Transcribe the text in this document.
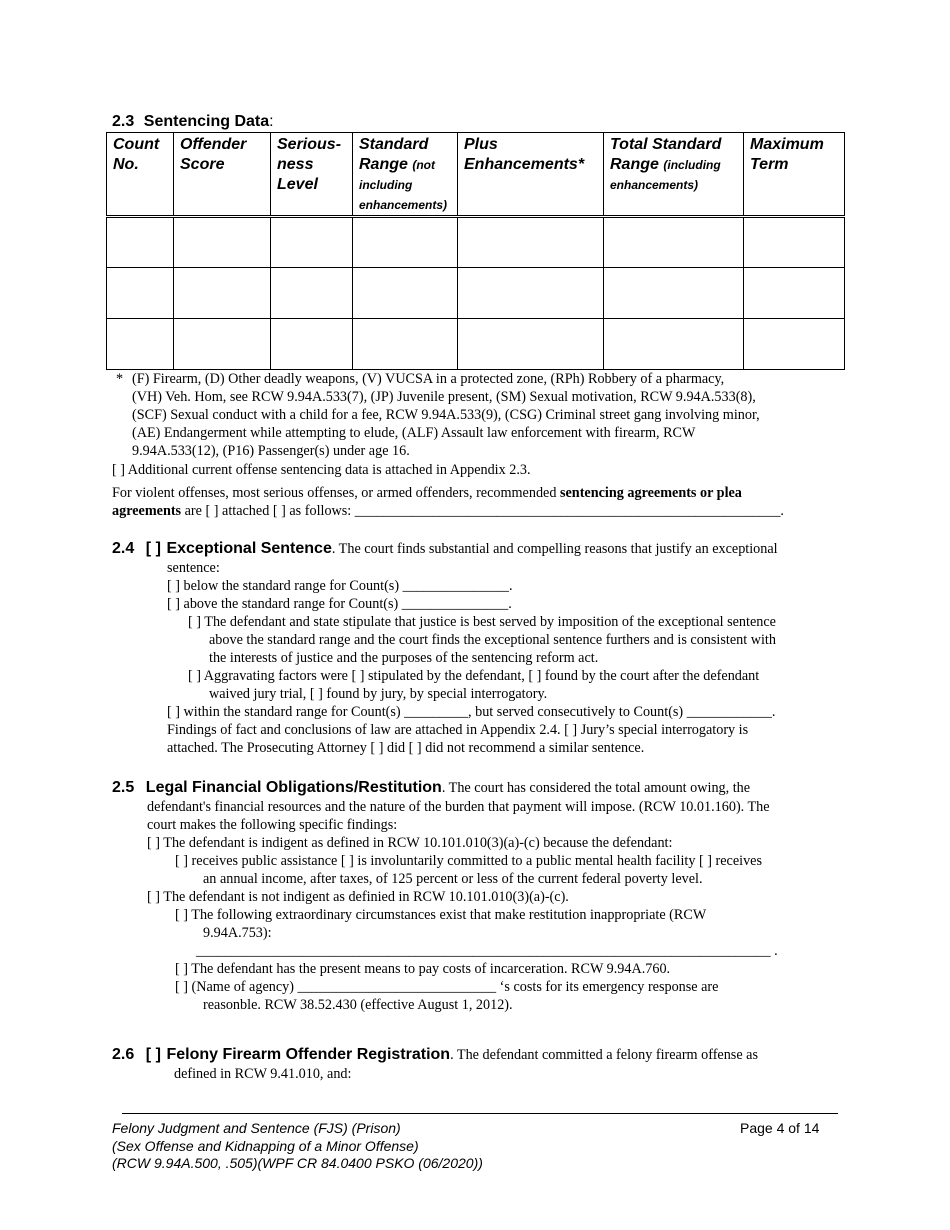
2.3 Sentencing Data:
Count No.	Offender Score	Serious-ness Level	Standard Range (not including enhancements)	Plus Enhancements*	Total Standard Range (including enhancements)	Maximum Term

* (F) Firearm, (D) Other deadly weapons, (V) VUCSA in a protected zone, (RPh) Robbery of a pharmacy,
(VH) Veh. Hom, see RCW 9.94A.533(7), (JP) Juvenile present, (SM) Sexual motivation, RCW 9.94A.533(8),
(SCF) Sexual conduct with a child for a fee, RCW 9.94A.533(9), (CSG) Criminal street gang involving minor,
(AE) Endangerment while attempting to elude, (ALF) Assault law enforcement with firearm, RCW
9.94A.533(12), (P16) Passenger(s) under age 16.
[ ] Additional current offense sentencing data is attached in Appendix 2.3.
For violent offenses, most serious offenses, or armed offenders, recommended sentencing agreements or plea
agreements are [ ] attached [ ] as follows: ____________________________________________________________.
2.4 [ ] Exceptional Sentence. The court finds substantial and compelling reasons that justify an exceptional
sentence:
[ ] below the standard range for Count(s) _______________.
[ ] above the standard range for Count(s) _______________.
[ ] The defendant and state stipulate that justice is best served by imposition of the exceptional sentence
above the standard range and the court finds the exceptional sentence furthers and is consistent with
the interests of justice and the purposes of the sentencing reform act.
[ ] Aggravating factors were [ ] stipulated by the defendant, [ ] found by the court after the defendant
waived jury trial, [ ] found by jury, by special interrogatory.
[ ] within the standard range for Count(s) _________, but served consecutively to Count(s) ____________.
Findings of fact and conclusions of law are attached in Appendix 2.4. [ ] Jury’s special interrogatory is
attached. The Prosecuting Attorney [ ] did [ ] did not recommend a similar sentence.
2.5 Legal Financial Obligations/Restitution. The court has considered the total amount owing, the
defendant's financial resources and the nature of the burden that payment will impose. (RCW 10.01.160). The
court makes the following specific findings:
[ ] The defendant is indigent as defined in RCW 10.101.010(3)(a)-(c) because the defendant:
[ ] receives public assistance [ ] is involuntarily committed to a public mental health facility [ ] receives
an annual income, after taxes, of 125 percent or less of the current federal poverty level.
[ ] The defendant is not indigent as definied in RCW 10.101.010(3)(a)-(c).
[ ] The following extraordinary circumstances exist that make restitution inappropriate (RCW
9.94A.753):
_________________________________________________________________________________ .
[ ] The defendant has the present means to pay costs of incarceration. RCW 9.94A.760.
[ ] (Name of agency) ____________________________ ‘s costs for its emergency response are
reasonble. RCW 38.52.430 (effective August 1, 2012).
2.6 [ ] Felony Firearm Offender Registration. The defendant committed a felony firearm offense as
defined in RCW 9.41.010, and:
Felony Judgment and Sentence (FJS) (Prison)
(Sex Offense and Kidnapping of a Minor Offense)
(RCW 9.94A.500, .505)(WPF CR 84.0400 PSKO (06/2020))
Page 4 of 14
